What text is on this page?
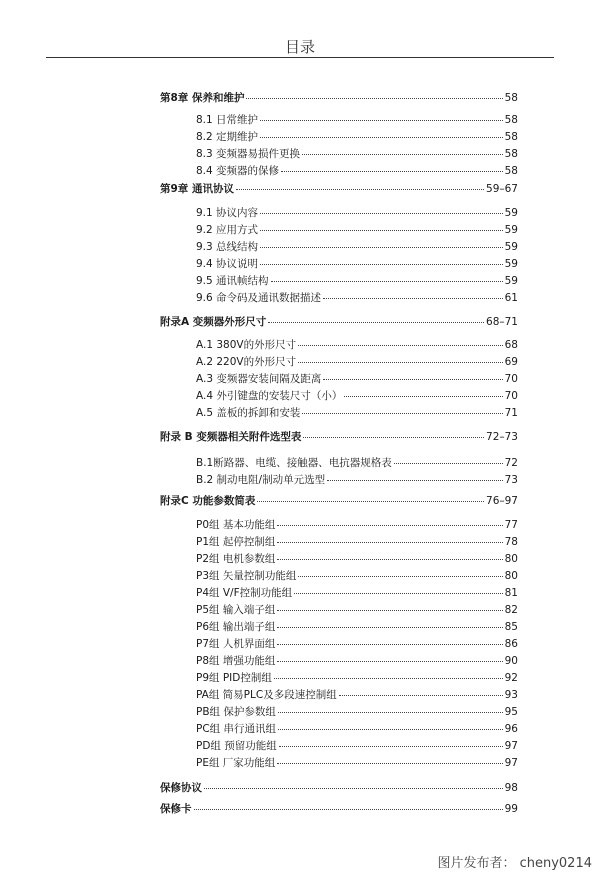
目录
第8章 保养和维护	58
8.1 日常维护	58
8.2 定期维护	58
8.3 变频器易损件更换	58
8.4 变频器的保修	58
第9章 通讯协议	59–67
9.1 协议内容	59
9.2 应用方式	59
9.3 总线结构	59
9.4 协议说明	59
9.5 通讯帧结构	59
9.6 命令码及通讯数据描述	61
附录A 变频器外形尺寸	68–71
A.1 380V的外形尺寸	68
A.2 220V的外形尺寸	69
A.3 变频器安装间隔及距离	70
A.4 外引键盘的安装尺寸（小）	70
A.5 盖板的拆卸和安装	71
附录 B 变频器相关附件选型表	72–73
B.1断路器、电缆、接触器、电抗器规格表	72
B.2 制动电阻/制动单元选型	73
附录C 功能参数简表	76–97
P0组 基本功能组	77
P1组 起停控制组	78
P2组 电机参数组	80
P3组 矢量控制功能组	80
P4组 V/F控制功能组	81
P5组 输入端子组	82
P6组 输出端子组	85
P7组 人机界面组	86
P8组 增强功能组	90
P9组 PID控制组	92
PA组 简易PLC及多段速控制组	93
PB组 保护参数组	95
PC组 串行通讯组	96
PD组 预留功能组	97
PE组 厂家功能组	97
保修协议	98
保修卡	99
图片发布者： cheny0214
